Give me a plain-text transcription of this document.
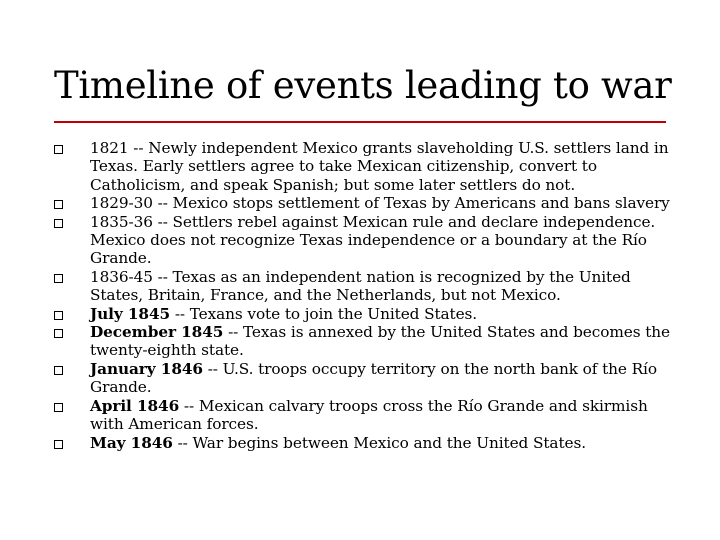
Timeline of events leading to war
1821 -- Newly independent Mexico grants slaveholding U.S. settlers land in Texas. Early settlers agree to take Mexican citizenship, convert to Catholicism, and speak Spanish; but some later settlers do not.
1829-30 -- Mexico stops settlement of Texas by Americans and bans slavery
1835-36 -- Settlers rebel against Mexican rule and declare independence. Mexico does not recognize Texas independence or a boundary at the Río Grande.
1836-45 -- Texas as an independent nation is recognized by the United States, Britain, France, and the Netherlands, but not Mexico.
July 1845 -- Texans vote to join the United States.
December 1845 -- Texas is annexed by the United States and becomes the twenty-eighth state.
January 1846 -- U.S. troops occupy territory on the north bank of the Río Grande.
April 1846 -- Mexican calvary troops cross the Río Grande and skirmish with American forces.
May 1846 -- War begins between Mexico and the United States.
